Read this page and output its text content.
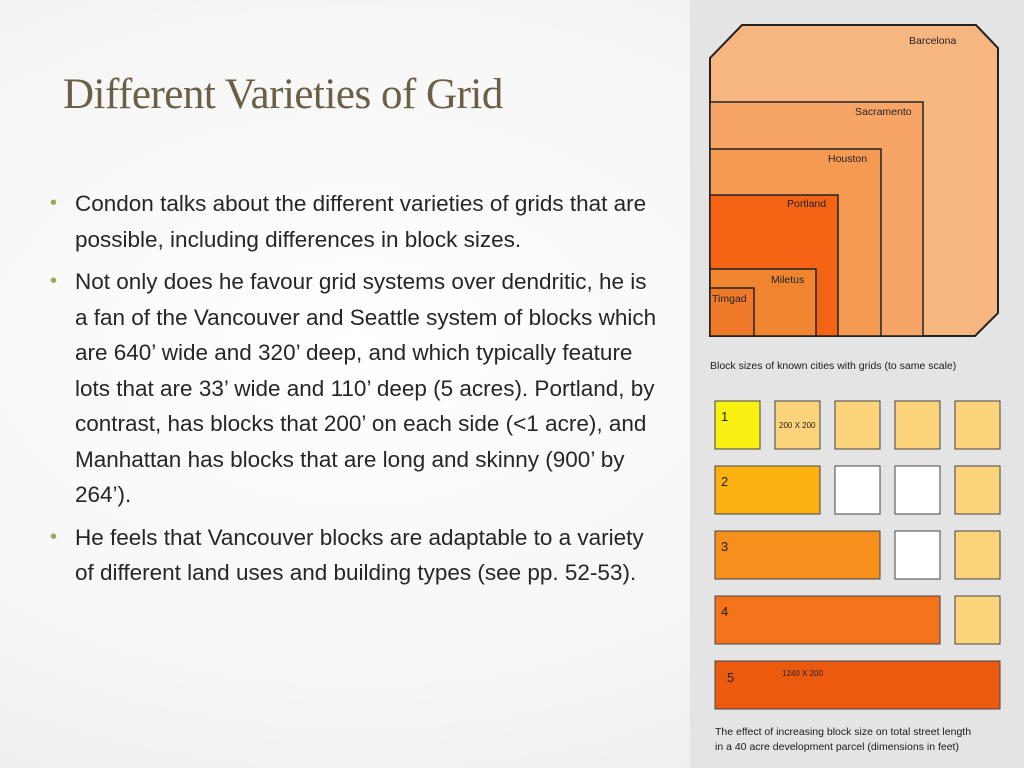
Different Varieties of Grid
• Condon talks about the different varieties of grids that are possible, including differences in block sizes.
• Not only does he favour grid systems over dendritic, he is a fan of the Vancouver and Seattle system of blocks which are 640’ wide and 320’ deep, and which typically feature lots that are 33’ wide and 110’ deep (5 acres). Portland, by contrast, has blocks that 200’ on each side (<1 acre), and Manhattan has blocks that are long and skinny (900’ by 264’).
• He feels that Vancouver blocks are adaptable to a variety of different land uses and building types (see pp. 52-53).
Barcelona
Sacramento
Houston
Portland
Miletus
Timgad
Block sizes of known cities with grids (to same scale)
1
200 X 200
2
3
4
5	1240 X 200
The effect of increasing block size on total street length
in a 40 acre development parcel (dimensions in feet)
